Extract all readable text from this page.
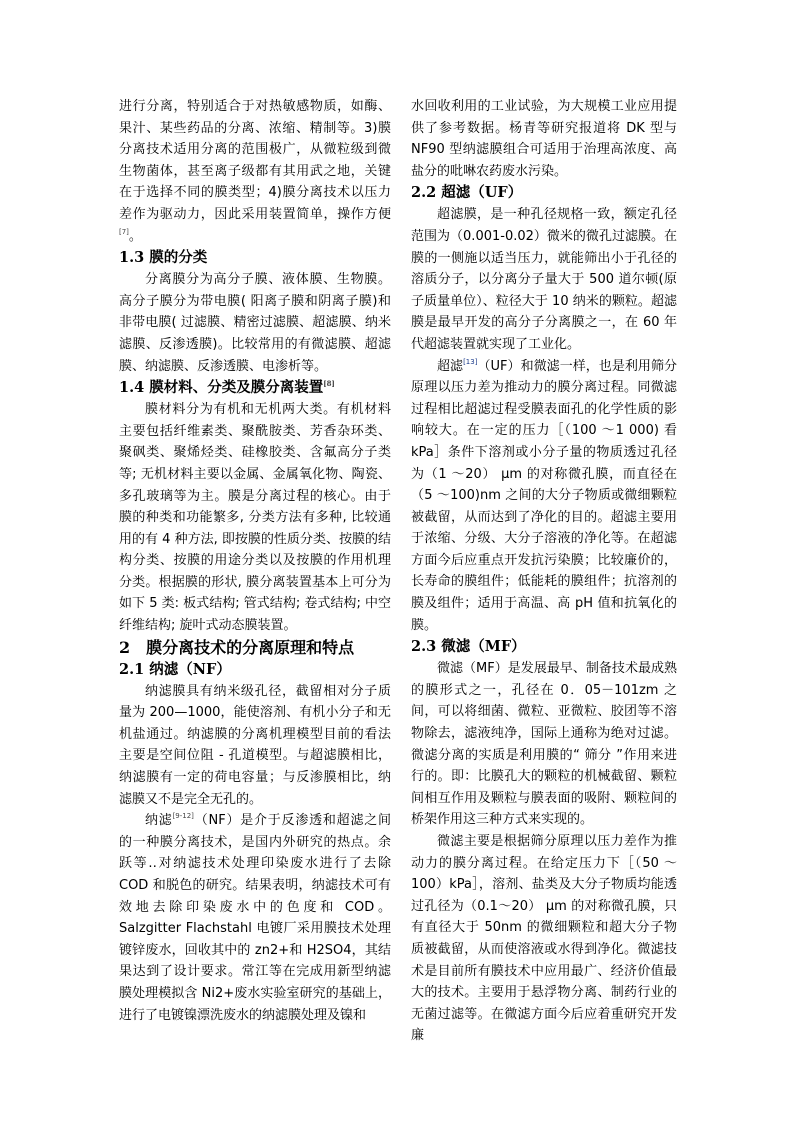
进行分离，特别适合于对热敏感物质，如酶、果汁、某些药品的分离、浓缩、精制等。3)膜分离技术适用分离的范围极广，从微粒级到微生物菌体，甚至离子级都有其用武之地，关键在于选择不同的膜类型；4)膜分离技术以压力差作为驱动力，因此采用装置简单，操作方便[7]。

1.3 膜的分类

分离膜分为高分子膜、液体膜、生物膜。高分子膜分为带电膜( 阳离子膜和阴离子膜)和非带电膜( 过滤膜、精密过滤膜、超滤膜、纳米滤膜、反渗透膜)。比较常用的有微滤膜、超滤膜、纳滤膜、反渗透膜、电渗析等。

1.4 膜材料、分类及膜分离装置[8]

膜材料分为有机和无机两大类。有机材料主要包括纤维素类、聚酰胺类、芳香杂环类、聚砜类、聚烯烃类、硅橡胶类、含氟高分子类等; 无机材料主要以金属、金属氧化物、陶瓷、多孔玻璃等为主。膜是分离过程的核心。由于膜的种类和功能繁多, 分类方法有多种, 比较通用的有 4 种方法, 即按膜的性质分类、按膜的结构分类、按膜的用途分类以及按膜的作用机理分类。根据膜的形状, 膜分离装置基本上可分为如下 5 类: 板式结构; 管式结构; 卷式结构; 中空纤维结构; 旋叶式动态膜装置。

2　膜分离技术的分离原理和特点
2.1 纳滤（NF）

纳滤膜具有纳米级孔径，截留相对分子质量为 200—1000，能使溶剂、有机小分子和无机盐通过。纳滤膜的分离机理模型目前的看法主要是空间位阻 - 孔道模型。与超滤膜相比，纳滤膜有一定的荷电容量；与反渗膜相比，纳滤膜又不是完全无孔的。

纳滤[9-12]（NF）是介于反渗透和超滤之间的一种膜分离技术，是国内外研究的热点。余跃等‥对纳滤技术处理印染废水进行了去除 COD 和脱色的研究。结果表明，纳滤技术可有效地去除印染废水中的色度和 COD。Salzgitter Flachstahl 电镀厂采用膜技术处理镀锌废水，回收其中的 zn2+和 H2SO4，其结果达到了设计要求。常江等在完成用新型纳滤膜处理模拟含 Ni2+废水实验室研究的基础上，进行了电镀镍漂洗废水的纳滤膜处理及镍和

水回收利用的工业试验，为大规模工业应用提供了参考数据。杨青等研究报道将 DK 型与 NF90 型纳滤膜组合可适用于治理高浓度、高盐分的吡啉农药废水污染。

2.2 超滤（UF）

超滤膜，是一种孔径规格一致，额定孔径范围为（0.001-0.02）微米的微孔过滤膜。在膜的一侧施以适当压力，就能筛出小于孔径的溶质分子，以分离分子量大于 500 道尔顿(原子质量单位）、粒径大于 10 纳米的颗粒。超滤膜是最早开发的高分子分离膜之一，在 60 年代超滤装置就实现了工业化。

超滤[13]（UF）和微滤一样，也是利用筛分原理以压力差为推动力的膜分离过程。同微滤过程相比超滤过程受膜表面孔的化学性质的影响较大。在一定的压力［（100 ～1 000) 看 kPa］条件下溶剂或小分子量的物质透过孔径为（1 ～20） μm 的对称微孔膜，而直径在（5 ～100)nm 之间的大分子物质或微细颗粒被截留，从而达到了净化的目的。超滤主要用于浓缩、分级、大分子溶液的净化等。在超滤方面今后应重点开发抗污染膜；比较廉价的，长寿命的膜组件；低能耗的膜组件；抗溶剂的膜及组件；适用于高温、高 pH 值和抗氧化的膜。

2.3 微滤（MF）

微滤（MF）是发展最早、制备技术最成熟的膜形式之一，孔径在 0．05－101zm 之间，可以将细菌、微粒、亚微粒、胶团等不溶物除去，滤液纯净，国际上通称为绝对过滤。微滤分离的实质是利用膜的“ 筛分 ”作用来进行的。即：比膜孔大的颗粒的机械截留、颗粒间相互作用及颗粒与膜表面的吸附、颗粒间的桥架作用这三种方式来实现的。

微滤主要是根据筛分原理以压力差作为推动力的膜分离过程。在给定压力下［（50 ～100）kPa］，溶剂、盐类及大分子物质均能透过孔径为（0.1～20） μm 的对称微孔膜，只有直径大于 50nm 的微细颗粒和超大分子物质被截留，从而使溶液或水得到净化。微滤技术是目前所有膜技术中应用最广、经济价值最大的技术。主要用于悬浮物分离、制药行业的无菌过滤等。在微滤方面今后应着重研究开发廉
